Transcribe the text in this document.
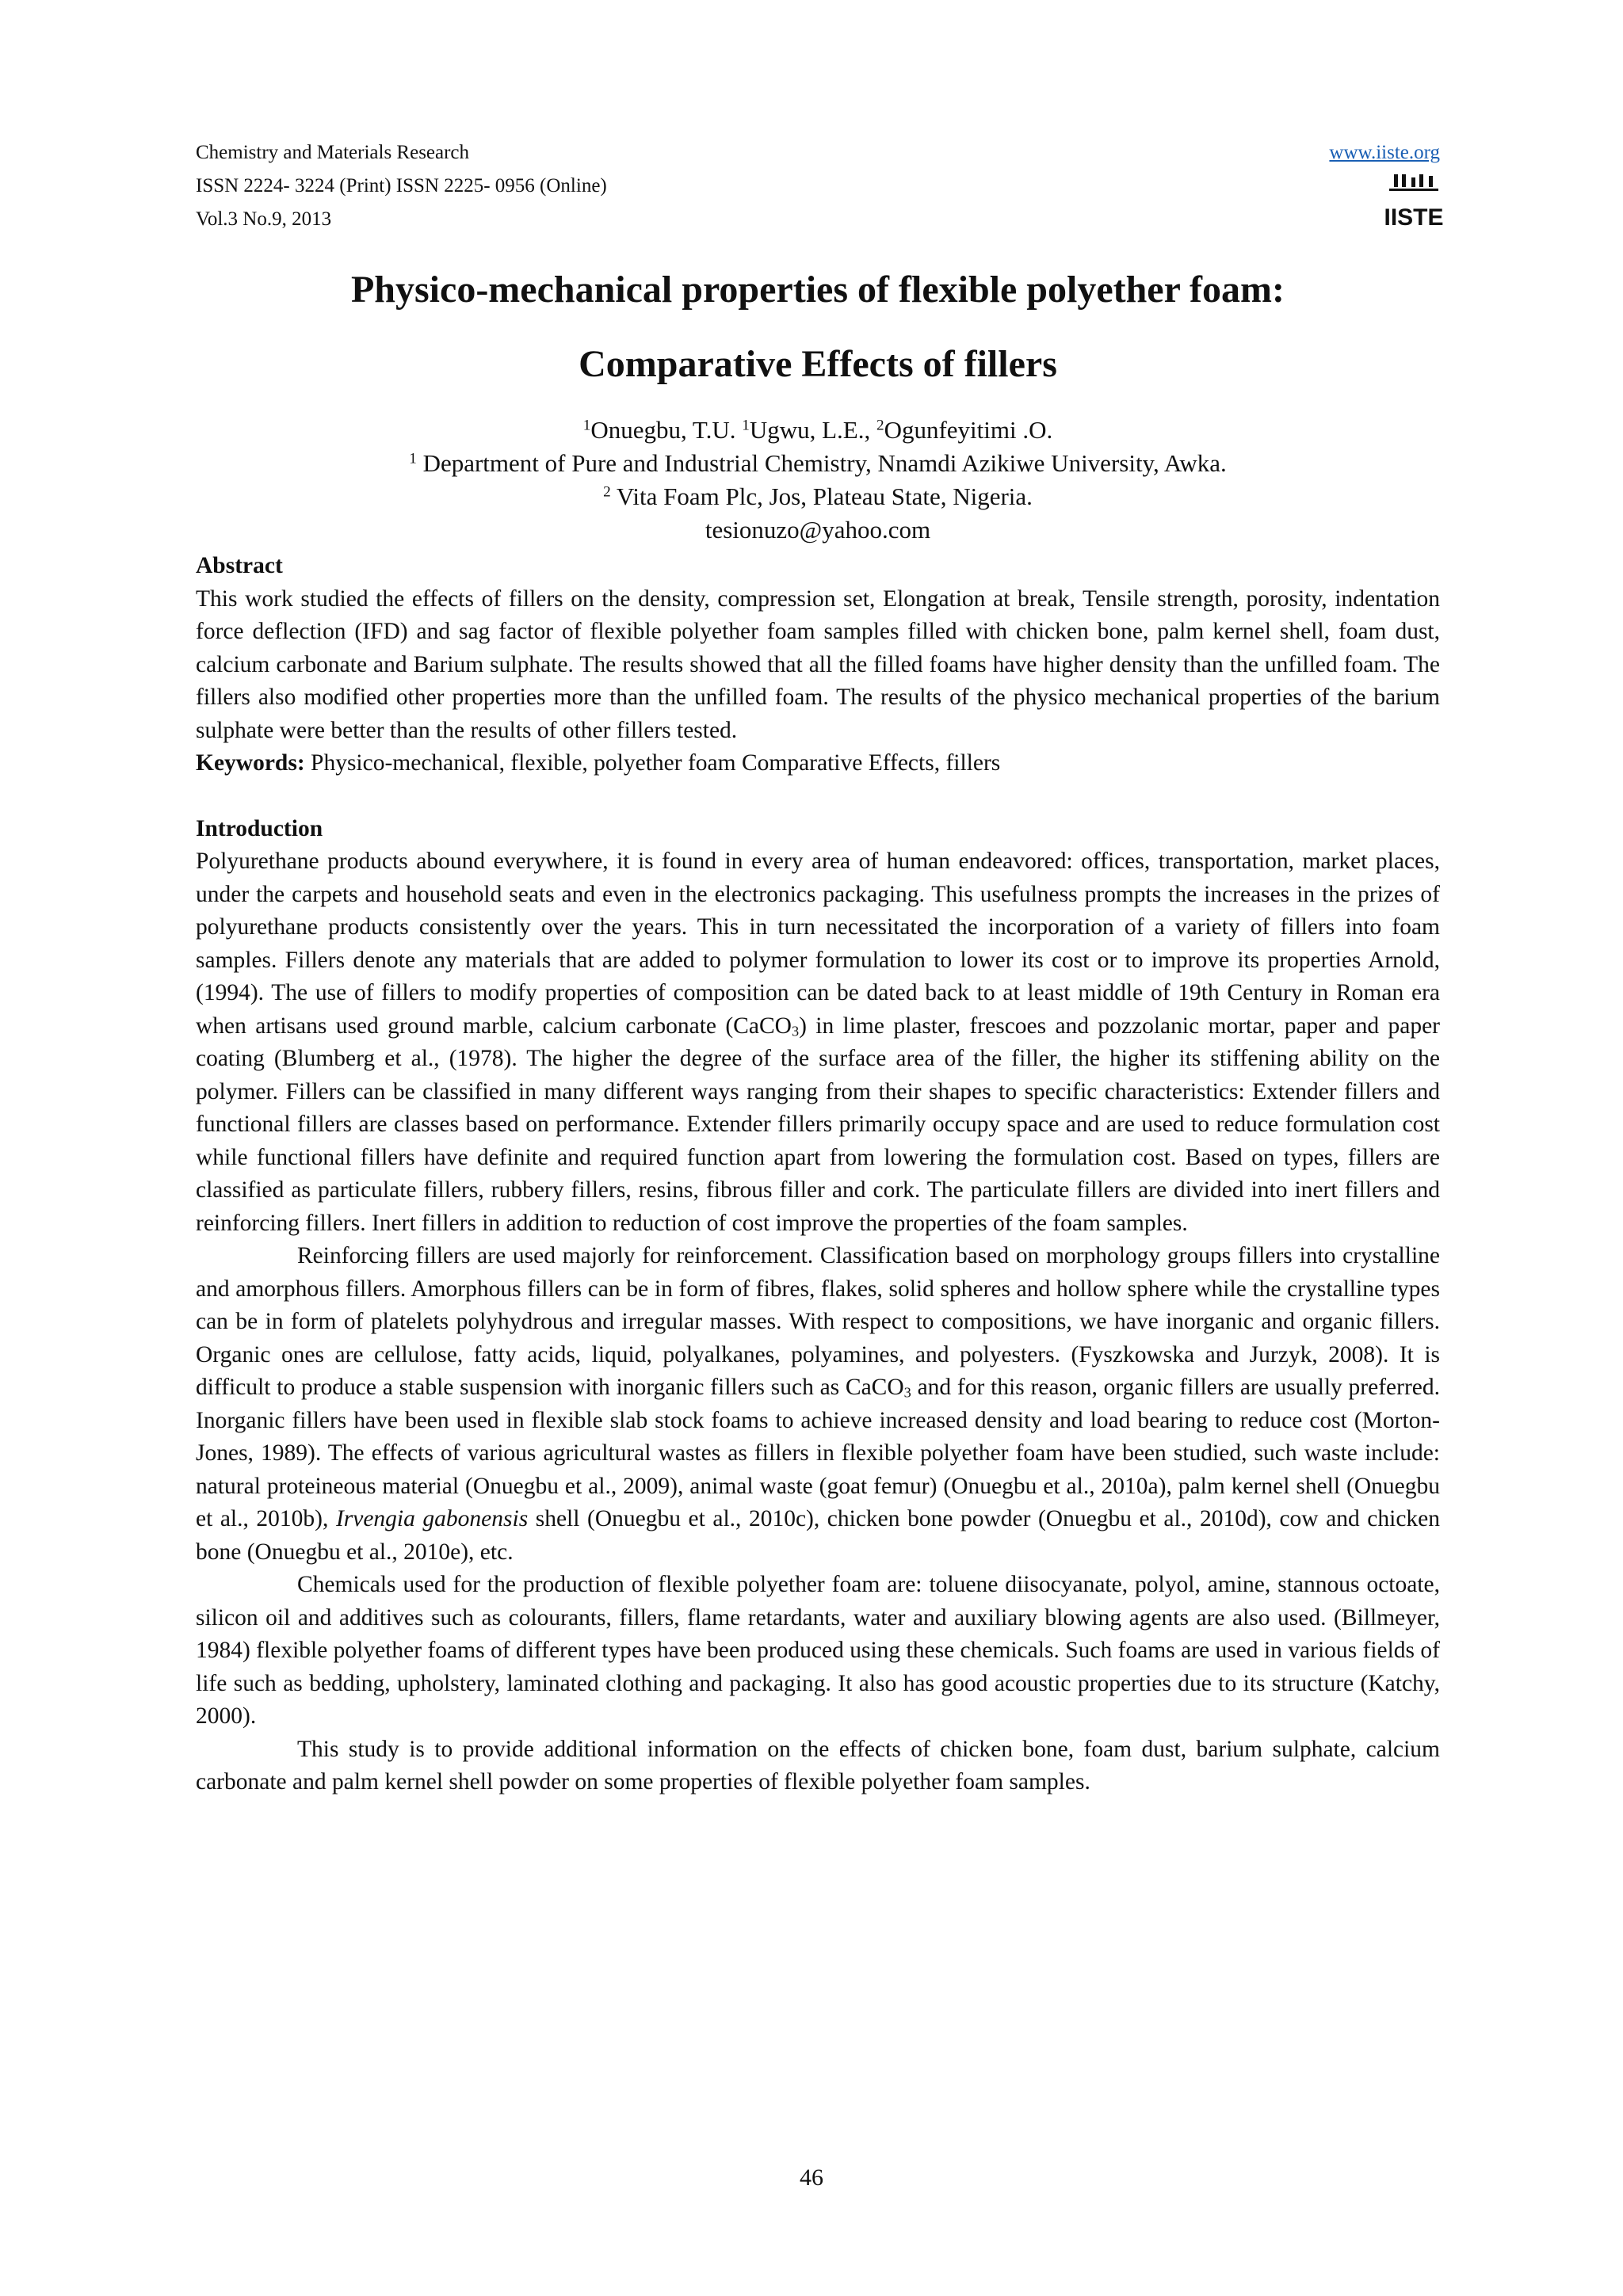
Chemistry and Materials Research
ISSN 2224- 3224 (Print) ISSN 2225- 0956 (Online)
Vol.3 No.9, 2013
www.iiste.org
IISTE
Physico-mechanical properties of flexible polyether foam:
Comparative Effects of fillers
$^1$Onuegbu, T.U. $^1$Ugwu, L.E., $^2$Ogunfeyitimi .O.
$^1$ Department of Pure and Industrial Chemistry, Nnamdi Azikiwe University, Awka.
$^2$ Vita Foam Plc, Jos, Plateau State, Nigeria.
tesionuzo@yahoo.com

Abstract

This work studied the effects of fillers on the density, compression set, Elongation at break, Tensile strength, porosity, indentation force deflection (IFD) and sag factor of flexible polyether foam samples filled with chicken bone, palm kernel shell, foam dust, calcium carbonate and Barium sulphate. The results showed that all the filled foams have higher density than the unfilled foam. The fillers also modified other properties more than the unfilled foam. The results of the physico mechanical properties of the barium sulphate were better than the results of other fillers tested.

Keywords: Physico-mechanical, flexible, polyether foam Comparative Effects, fillers

Introduction

Polyurethane products abound everywhere, it is found in every area of human endeavored: offices, transportation, market places, under the carpets and household seats and even in the electronics packaging. This usefulness prompts the increases in the prizes of polyurethane products consistently over the years. This in turn necessitated the incorporation of a variety of fillers into foam samples. Fillers denote any materials that are added to polymer formulation to lower its cost or to improve its properties Arnold, (1994). The use of fillers to modify properties of composition can be dated back to at least middle of 19th Century in Roman era when artisans used ground marble, calcium carbonate (CaCO$_3$) in lime plaster, frescoes and pozzolanic mortar, paper and paper coating (Blumberg et al., (1978). The higher the degree of the surface area of the filler, the higher its stiffening ability on the polymer. Fillers can be classified in many different ways ranging from their shapes to specific characteristics: Extender fillers and functional fillers are classes based on performance. Extender fillers primarily occupy space and are used to reduce formulation cost while functional fillers have definite and required function apart from lowering the formulation cost. Based on types, fillers are classified as particulate fillers, rubbery fillers, resins, fibrous filler and cork. The particulate fillers are divided into inert fillers and reinforcing fillers. Inert fillers in addition to reduction of cost improve the properties of the foam samples.

Reinforcing fillers are used majorly for reinforcement. Classification based on morphology groups fillers into crystalline and amorphous fillers. Amorphous fillers can be in form of fibres, flakes, solid spheres and hollow sphere while the crystalline types can be in form of platelets polyhydrous and irregular masses. With respect to compositions, we have inorganic and organic fillers. Organic ones are cellulose, fatty acids, liquid, polyalkanes, polyamines, and polyesters. (Fyszkowska and Jurzyk, 2008). It is difficult to produce a stable suspension with inorganic fillers such as CaCO$_3$ and for this reason, organic fillers are usually preferred. Inorganic fillers have been used in flexible slab stock foams to achieve increased density and load bearing to reduce cost (Morton-Jones, 1989). The effects of various agricultural wastes as fillers in flexible polyether foam have been studied, such waste include: natural proteineous material (Onuegbu et al., 2009), animal waste (goat femur) (Onuegbu et al., 2010a), palm kernel shell (Onuegbu et al., 2010b), Irvengia gabonensis shell (Onuegbu et al., 2010c), chicken bone powder (Onuegbu et al., 2010d), cow and chicken bone (Onuegbu et al., 2010e), etc.

Chemicals used for the production of flexible polyether foam are: toluene diisocyanate, polyol, amine, stannous octoate, silicon oil and additives such as colourants, fillers, flame retardants, water and auxiliary blowing agents are also used. (Billmeyer, 1984) flexible polyether foams of different types have been produced using these chemicals. Such foams are used in various fields of life such as bedding, upholstery, laminated clothing and packaging. It also has good acoustic properties due to its structure (Katchy, 2000).

This study is to provide additional information on the effects of chicken bone, foam dust, barium sulphate, calcium carbonate and palm kernel shell powder on some properties of flexible polyether foam samples.

46
